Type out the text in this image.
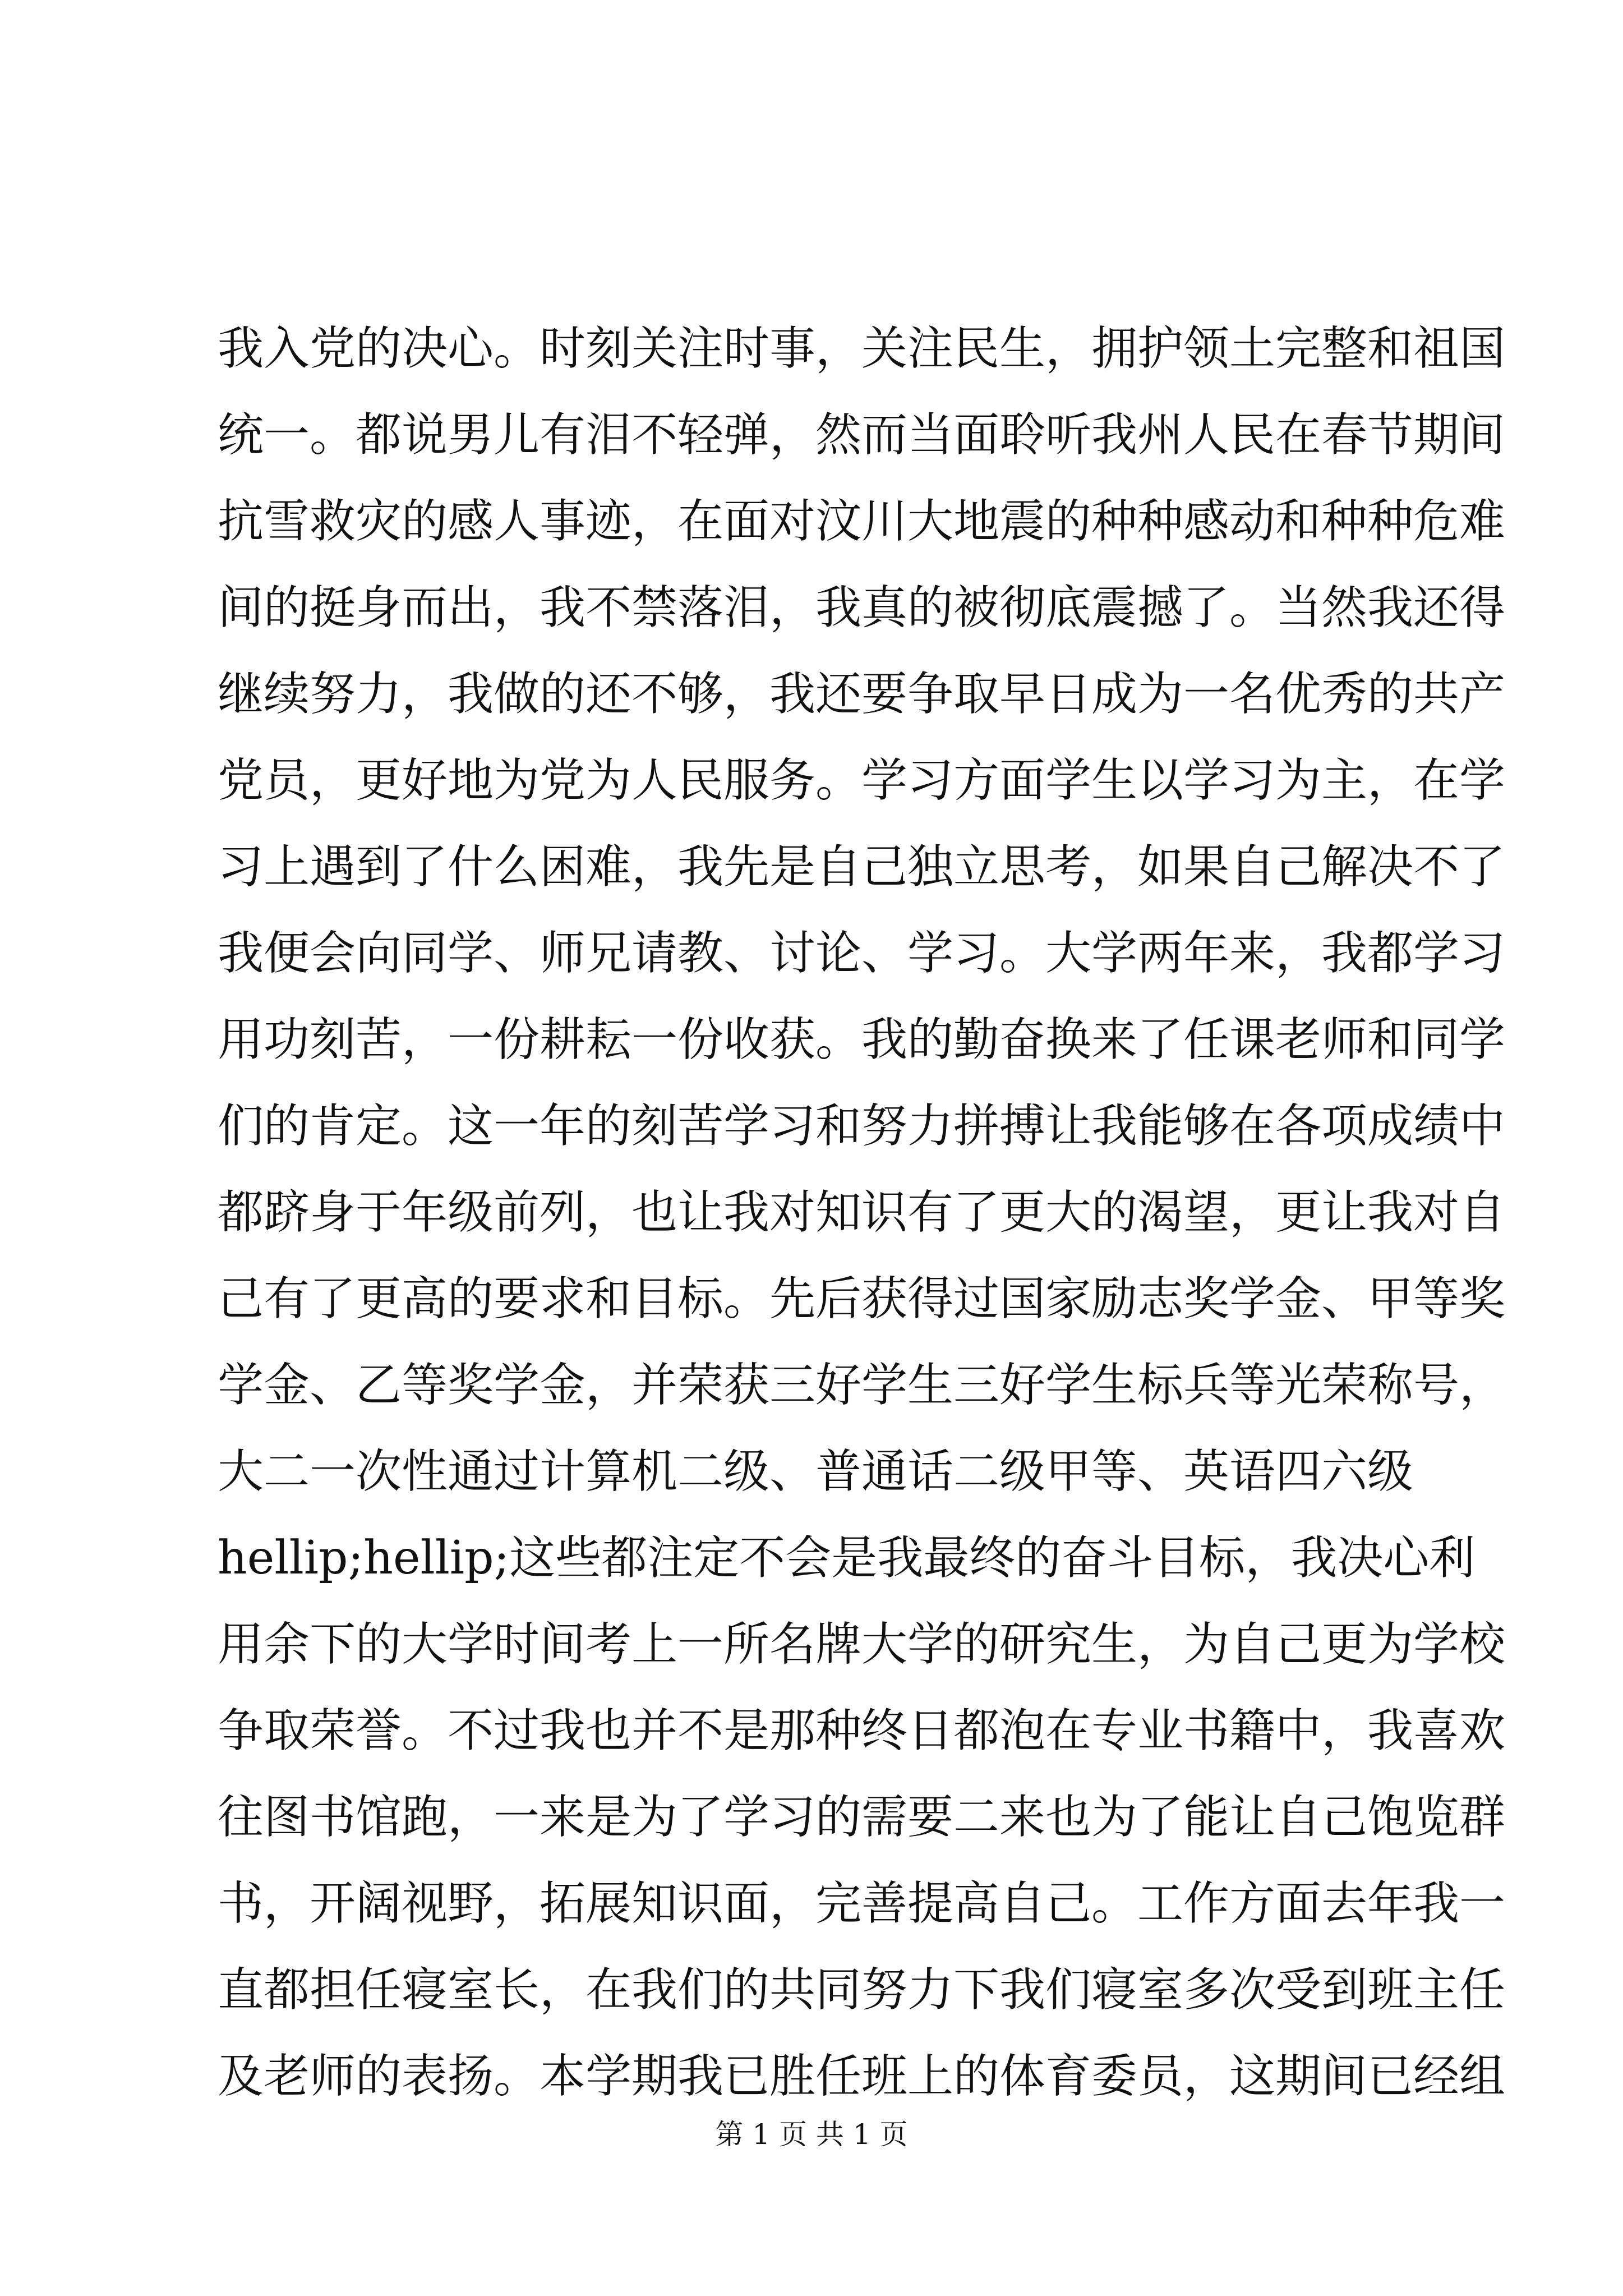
我入党的决心。时刻关注时事，关注民生，拥护领土完整和祖国
统一。都说男儿有泪不轻弹，然而当面聆听我州人民在春节期间
抗雪救灾的感人事迹，在面对汶川大地震的种种感动和种种危难
间的挺身而出，我不禁落泪，我真的被彻底震撼了。当然我还得
继续努力，我做的还不够，我还要争取早日成为一名优秀的共产
党员，更好地为党为人民服务。学习方面学生以学习为主，在学
习上遇到了什么困难，我先是自己独立思考，如果自己解决不了
我便会向同学、师兄请教、讨论、学习。大学两年来，我都学习
用功刻苦，一份耕耘一份收获。我的勤奋换来了任课老师和同学
们的肯定。这一年的刻苦学习和努力拼搏让我能够在各项成绩中
都跻身于年级前列，也让我对知识有了更大的渴望，更让我对自
己有了更高的要求和目标。先后获得过国家励志奖学金、甲等奖
学金、乙等奖学金，并荣获三好学生三好学生标兵等光荣称号，
大二一次性通过计算机二级、普通话二级甲等、英语四六级
hellip;hellip;这些都注定不会是我最终的奋斗目标，我决心利
用余下的大学时间考上一所名牌大学的研究生，为自己更为学校
争取荣誉。不过我也并不是那种终日都泡在专业书籍中，我喜欢
往图书馆跑，一来是为了学习的需要二来也为了能让自己饱览群
书，开阔视野，拓展知识面，完善提高自己。工作方面去年我一
直都担任寝室长，在我们的共同努力下我们寝室多次受到班主任
及老师的表扬。本学期我已胜任班上的体育委员，这期间已经组
第 1 页 共 1 页
